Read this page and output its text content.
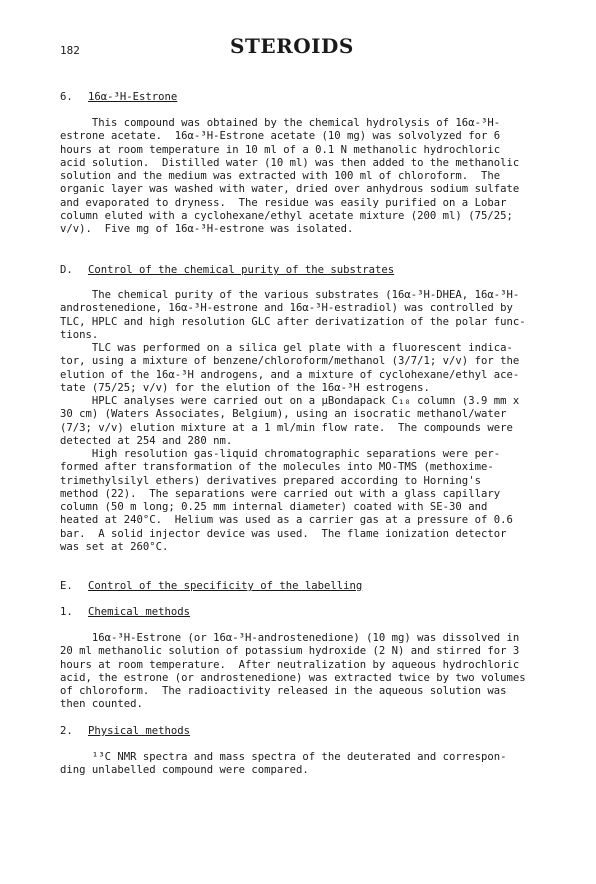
182	STEROIDS
6. 16α-³H-Estrone
This compound was obtained by the chemical hydrolysis of 16α-³H-
estrone acetate.  16α-³H-Estrone acetate (10 mg) was solvolyzed for 6
hours at room temperature in 10 ml of a 0.1 N methanolic hydrochloric
acid solution.  Distilled water (10 ml) was then added to the methanolic
solution and the medium was extracted with 100 ml of chloroform.  The
organic layer was washed with water, dried over anhydrous sodium sulfate
and evaporated to dryness.  The residue was easily purified on a Lobar
column eluted with a cyclohexane/ethyl acetate mixture (200 ml) (75/25;
v/v).  Five mg of 16α-³H-estrone was isolated.
D. Control of the chemical purity of the substrates
The chemical purity of the various substrates (16α-³H-DHEA, 16α-³H-
androstenedione, 16α-³H-estrone and 16α-³H-estradiol) was controlled by
TLC, HPLC and high resolution GLC after derivatization of the polar func-
tions.
TLC was performed on a silica gel plate with a fluorescent indica-
tor, using a mixture of benzene/chloroform/methanol (3/7/1; v/v) for the
elution of the 16α-³H androgens, and a mixture of cyclohexane/ethyl ace-
tate (75/25; v/v) for the elution of the 16α-³H estrogens.
HPLC analyses were carried out on a μBondapack C₁₈ column (3.9 mm x
30 cm) (Waters Associates, Belgium), using an isocratic methanol/water
(7/3; v/v) elution mixture at a 1 ml/min flow rate.  The compounds were
detected at 254 and 280 nm.
High resolution gas-liquid chromatographic separations were per-
formed after transformation of the molecules into MO-TMS (methoxime-
trimethylsilyl ethers) derivatives prepared according to Horning's
method (22).  The separations were carried out with a glass capillary
column (50 m long; 0.25 mm internal diameter) coated with SE-30 and
heated at 240°C.  Helium was used as a carrier gas at a pressure of 0.6
bar.  A solid injector device was used.  The flame ionization detector
was set at 260°C.
E. Control of the specificity of the labelling
1. Chemical methods
16α-³H-Estrone (or 16α-³H-androstenedione) (10 mg) was dissolved in
20 ml methanolic solution of potassium hydroxide (2 N) and stirred for 3
hours at room temperature.  After neutralization by aqueous hydrochloric
acid, the estrone (or androstenedione) was extracted twice by two volumes
of chloroform.  The radioactivity released in the aqueous solution was
then counted.
2. Physical methods
¹³C NMR spectra and mass spectra of the deuterated and correspon-
ding unlabelled compound were compared.
